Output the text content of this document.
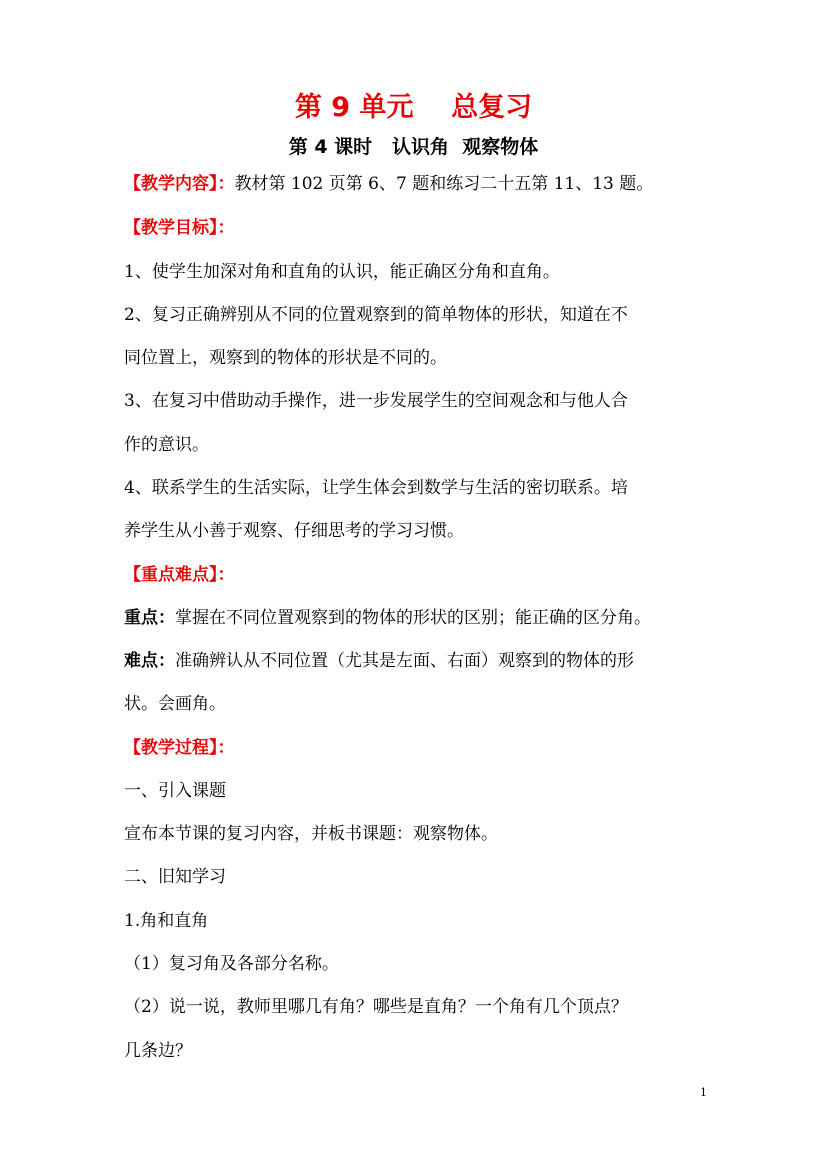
第 9 单元    总复习
第 4 课时   认识角  观察物体
【教学内容】：教材第 102 页第 6、7 题和练习二十五第 11、13 题。
【教学目标】：
1、使学生加深对角和直角的认识，能正确区分角和直角。
2、复习正确辨别从不同的位置观察到的简单物体的形状，知道在不
同位置上，观察到的物体的形状是不同的。
3、在复习中借助动手操作，进一步发展学生的空间观念和与他人合
作的意识。
4、联系学生的生活实际，让学生体会到数学与生活的密切联系。培
养学生从小善于观察、仔细思考的学习习惯。
【重点难点】：
重点：掌握在不同位置观察到的物体的形状的区别；能正确的区分角。
难点：准确辨认从不同位置（尤其是左面、右面）观察到的物体的形
状。会画角。
【教学过程】：
一、引入课题
宣布本节课的复习内容，并板书课题：观察物体。
二、旧知学习
1.角和直角
（1）复习角及各部分名称。
（2）说一说，教师里哪几有角？哪些是直角？一个角有几个顶点？
几条边？
1
